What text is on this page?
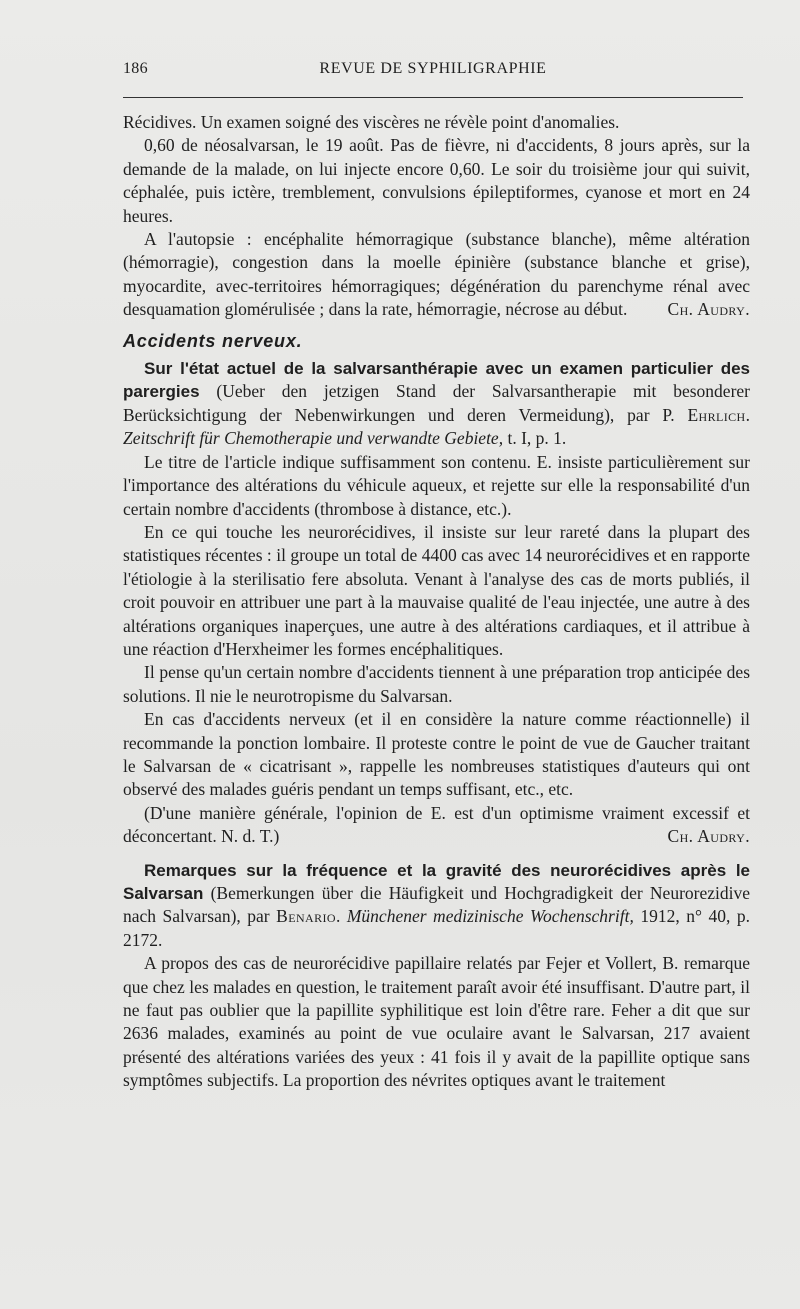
186	REVUE DE SYPHILIGRAPHIE

Récidives. Un examen soigné des viscères ne révèle point d'anomalies.

0,60 de néosalvarsan, le 19 août. Pas de fièvre, ni d'accidents, 8 jours après, sur la demande de la malade, on lui injecte encore 0,60. Le soir du troisième jour qui suivit, céphalée, puis ictère, tremblement, convulsions épileptiformes, cyanose et mort en 24 heures.

A l'autopsie : encéphalite hémorragique (substance blanche), même altération (hémorragie), congestion dans la moelle épinière (substance blanche et grise), myocardite, avec-territoires hémorragiques; dégénération du parenchyme rénal avec desquamation glomérulisée ; dans la rate, hémorragie, nécrose au début.	Ch. Audry.

Accidents nerveux.

Sur l'état actuel de la salvarsanthérapie avec un examen particulier des parergies (Ueber den jetzigen Stand der Salvarsantherapie mit besonderer Berücksichtigung der Nebenwirkungen und deren Vermeidung), par P. Ehrlich. Zeitschrift für Chemotherapie und verwandte Gebiete, t. I, p. 1.

Le titre de l'article indique suffisamment son contenu. E. insiste particulièrement sur l'importance des altérations du véhicule aqueux, et rejette sur elle la responsabilité d'un certain nombre d'accidents (thrombose à distance, etc.).

En ce qui touche les neurorécidives, il insiste sur leur rareté dans la plupart des statistiques récentes : il groupe un total de 4400 cas avec 14 neurorécidives et en rapporte l'étiologie à la sterilisatio fere absoluta. Venant à l'analyse des cas de morts publiés, il croit pouvoir en attribuer une part à la mauvaise qualité de l'eau injectée, une autre à des altérations organiques inaperçues, une autre à des altérations cardiaques, et il attribue à une réaction d'Herxheimer les formes encéphalitiques.

Il pense qu'un certain nombre d'accidents tiennent à une préparation trop anticipée des solutions. Il nie le neurotropisme du Salvarsan.

En cas d'accidents nerveux (et il en considère la nature comme réactionnelle) il recommande la ponction lombaire. Il proteste contre le point de vue de Gaucher traitant le Salvarsan de « cicatrisant », rappelle les nombreuses statistiques d'auteurs qui ont observé des malades guéris pendant un temps suffisant, etc., etc.

(D'une manière générale, l'opinion de E. est d'un optimisme vraiment excessif et déconcertant. N. d. T.)	Ch. Audry.

Remarques sur la fréquence et la gravité des neurorécidives après le Salvarsan (Bemerkungen über die Häufigkeit und Hochgradigkeit der Neurorezidive nach Salvarsan), par Benario. Münchener medizinische Wochenschrift, 1912, n° 40, p. 2172.

A propos des cas de neurorécidive papillaire relatés par Fejer et Vollert, B. remarque que chez les malades en question, le traitement paraît avoir été insuffisant. D'autre part, il ne faut pas oublier que la papillite syphilitique est loin d'être rare. Feher a dit que sur 2636 malades, examinés au point de vue oculaire avant le Salvarsan, 217 avaient présenté des altérations variées des yeux : 41 fois il y avait de la papillite optique sans symptômes subjectifs. La proportion des névrites optiques avant le traitement
